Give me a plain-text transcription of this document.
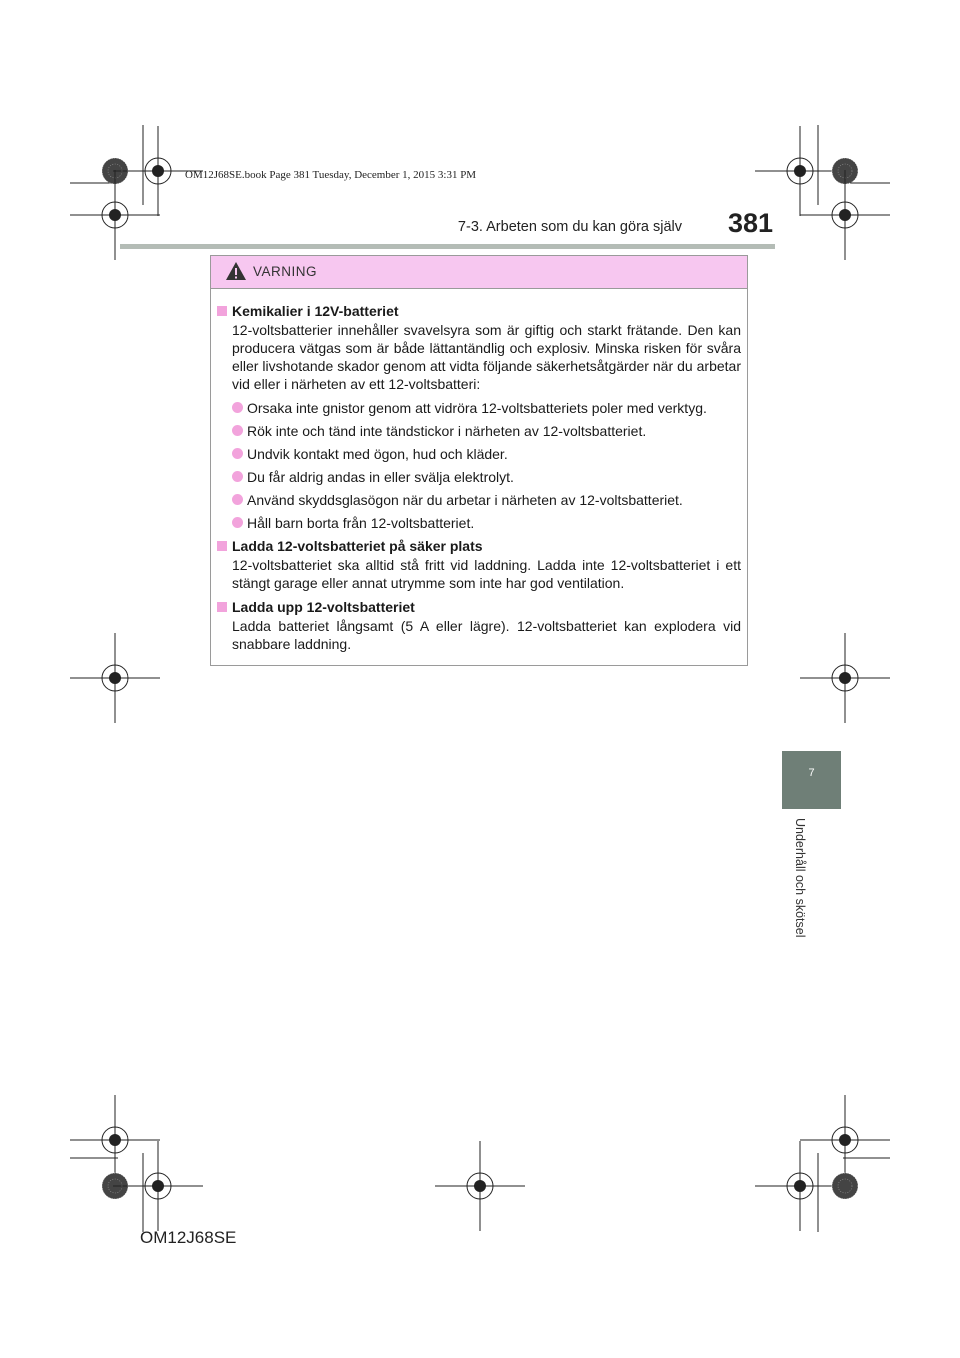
OM12J68SE.book Page 381 Tuesday, December 1, 2015 3:31 PM
7-3. Arbeten som du kan göra själv 381
VARNING
Kemikalier i 12V-batteriet
12-voltsbatterier innehåller svavelsyra som är giftig och starkt frätande. Den kan producera vätgas som är både lättantändlig och explosiv. Minska risken för svåra eller livshotande skador genom att vidta följande säkerhetsåtgärder när du arbetar vid eller i närheten av ett 12-voltsbatteri:
Orsaka inte gnistor genom att vidröra 12-voltsbatteriets poler med verktyg.
Rök inte och tänd inte tändstickor i närheten av 12-voltsbatteriet.
Undvik kontakt med ögon, hud och kläder.
Du får aldrig andas in eller svälja elektrolyt.
Använd skyddsglasögon när du arbetar i närheten av 12-voltsbatteriet.
Håll barn borta från 12-voltsbatteriet.
Ladda 12-voltsbatteriet på säker plats
12-voltsbatteriet ska alltid stå fritt vid laddning. Ladda inte 12-voltsbatteriet i ett stängt garage eller annat utrymme som inte har god ventilation.
Ladda upp 12-voltsbatteriet
Ladda batteriet långsamt (5 A eller lägre). 12-voltsbatteriet kan explodera vid snabbare laddning.
7
Underhåll och skötsel
OM12J68SE
